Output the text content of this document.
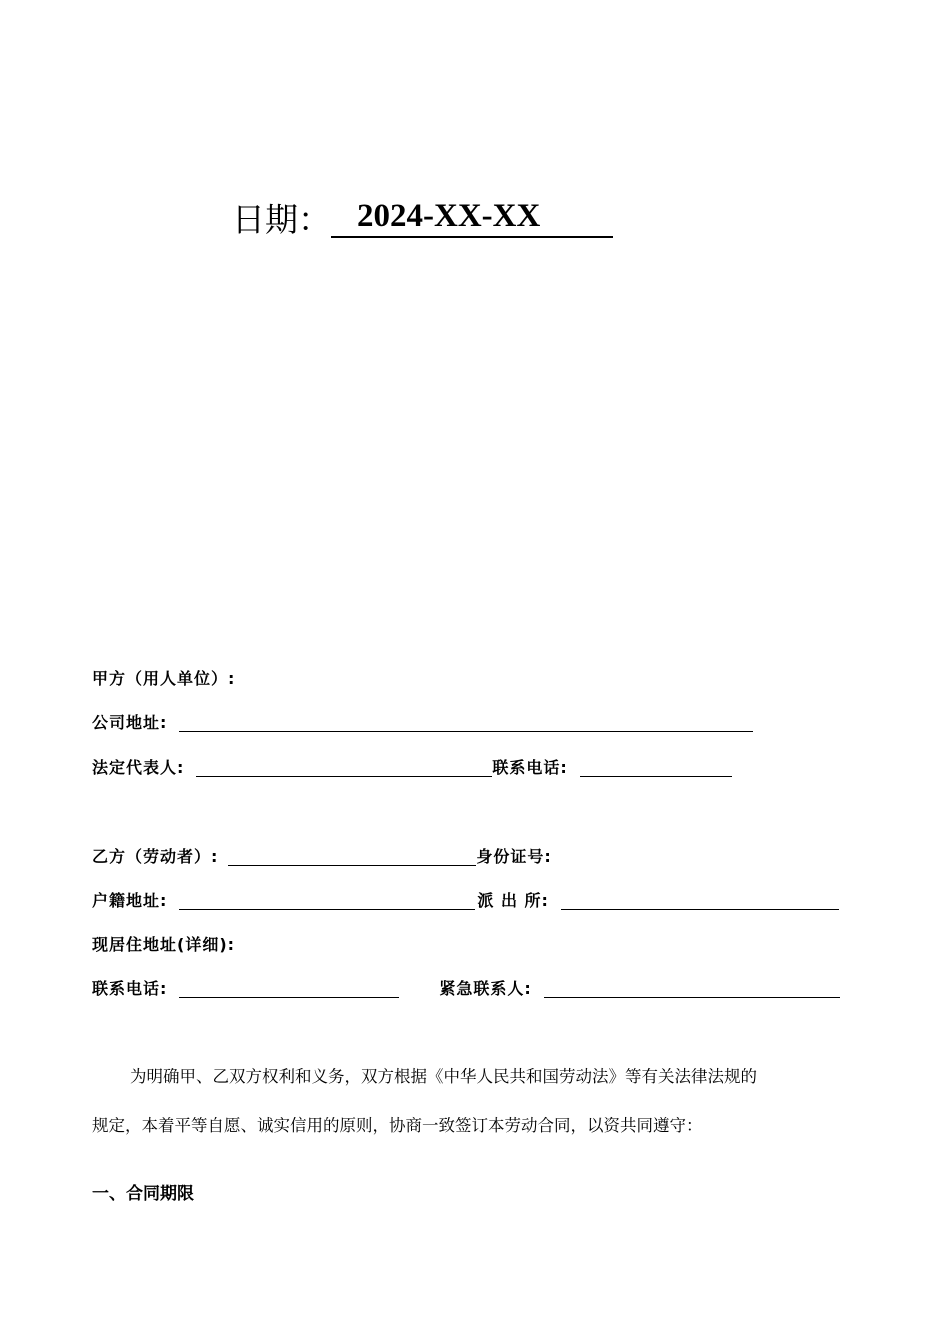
日期： 2024-XX-XX
甲方（用人单位）:
公司地址:
法定代表人:	联系电话:
乙方（劳动者）:	身份证号:
户籍地址:	派 出 所:
现居住地址(详细):
联系电话:	紧急联系人:
为明确甲、乙双方权利和义务，双方根据《中华人民共和国劳动法》等有关法律法规的
规定，本着平等自愿、诚实信用的原则，协商一致签订本劳动合同，以资共同遵守：
一、合同期限
